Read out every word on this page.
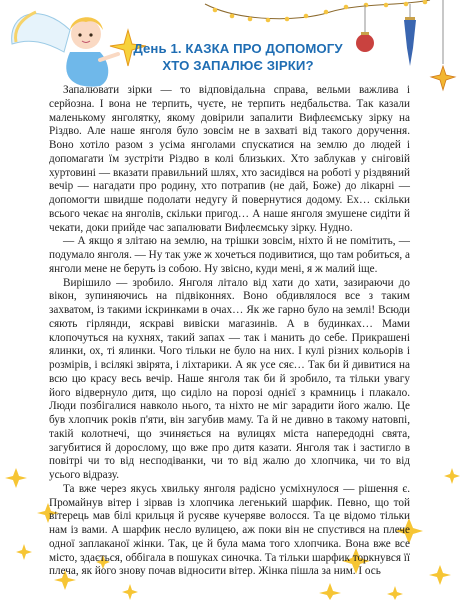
День 1. КАЗКА ПРО ДОПОМОГУ
ХТО ЗАПАЛЮЄ ЗІРКИ?

Запалювати зірки — то відповідальна справа, вельми важлива і серйозна. І вона не терпить, чуєте, не терпить недбальства. Так казали маленькому янголятку, якому довірили запалити Вифлеємську зірку на Різдво. Але нашe янголя було зовсім не в захваті від такого доручення. Воно хотіло разом з усіма янголами спускатися на землю до людей і допомагати їм зустріти Різдво в колі близьких. Хто заблукав у сніговій хуртовині — вказати правильний шлях, хто засидівся на роботі у різдвяний вечір — нагадати про родину, хто потрапив (не дай, Боже) до лікарні — допомогти швидше подолати недугу й повернутися додому. Ех… скільки всього чекає на янголів, скільки пригод… А наше янголя змушене сидіти й чекати, доки прийде час запалювати Вифлеємську зірку. Нудно.

— А якщо я злітаю на землю, на трішки зовсім, ніхто й не помітить, — подумало янголя. — Ну так уже ж хочеться подивитися, що там робиться, а янголи мене не беруть із собою. Ну звісно, куди мені, я ж малий іще.

Вирішило — зробило. Янголя літало від хати до хати, зазираючи до вікон, зупиняючись на підвіконнях. Воно обдивлялося все з таким захватом, із такими іскринками в очах… Як же гарно було на землі! Всюди сяють гірлянди, яскраві вивіски магазинів. А в будинках… Мами клопочуться на кухнях, такий запах — так і манить до себе. Прикрашені ялинки, ох, ті ялинки. Чого тільки не було на них. І кулі різних кольорів і розмірів, і всілякі звірята, і ліхтарики. А як усе сяє… Так би й дивитися на всю цю красу весь вечір. Наше янголя так би й зробило, та тільки увагу його відвернуло дитя, що сиділо на порозі однієї з крамниць і плакало. Люди позбігалися навколо нього, та ніхто не міг зарадити його жалю. Це був хлопчик років п'яти, він загубив маму. Та й не дивно в такому натовпі, такій колотнечі, що зчиняється на вулицях міста напередодні свята, загубитися й дорослому, що вже про дитя казати. Янголя так і застигло в повітрі чи то від несподіванки, чи то від жалю до хлопчика, чи то від усього відразу.

Та вже через якусь хвильку янголя радісно усміхнулося — рішення є. Промайнув вітер і зірвав із хлопчика легенький шарфик. Певно, що той вітерець мав білі крильця й русяве кучеряве волосся. Та це відомо тільки нам із вами. А шарфик несло вулицею, аж поки він не спустився на плече одної заплаканої жінки. Так, це й була мама того хлопчика. Вона вже все місто, здається, оббігала в пошуках синочка. Та тільки шарфик торкнувся її плеча, як його знову почав відносити вітер. Жінка пішла за ним. І ось
